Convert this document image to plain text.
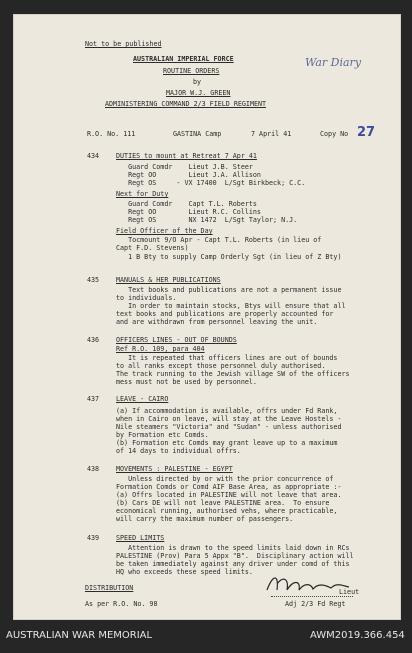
Not to be published
AUSTRALIAN IMPERIAL FORCE
ROUTINE ORDERS
by
MAJOR W.J. GREEN
ADMINISTERING COMMAND 2/3 FIELD REGIMENT
War Diary
R.O. No. 111	GASTINA Camp	7 April 41	Copy No 27
434	DUTIES to mount at Retreat 7 Apr 41
Guard Comdr    Lieut J.B. Steer
Regt OO        Lieut J.A. Allison
Regt OS     - VX 17400  L/Sgt Birkbeck; C.C.
Next for Duty
Guard Comdr    Capt T.L. Roberts
Regt OO        Lieut R.C. Collins
Regt OS        NX 1472  L/Sgt Taylor; N.J.
Field Officer of the Day
Tocmount 9/O Apr - Capt T.L. Roberts (in lieu of
Capt F.D. Stevens)
1 B Bty to supply Camp Orderly Sgt (in lieu of Z Bty)
435	MANUALS & HER PUBLICATIONS
Text books and publications are not a permanent issue
to individuals.
In order to maintain stocks, Btys will ensure that all
text books and publications are properly accounted for
and are withdrawn from personnel leaving the unit.
436	OFFICERS LINES - OUT OF BOUNDS
Ref R.O. 109, para 404
It is repeated that officers lines are out of bounds
to all ranks except those personnel duly authorised.
The track running to the Jewish village SW of the officers
mess must not be used by personnel.
437	LEAVE - CAIRO
(a) If accommodation is available, offrs under Fd Rank,
when in Cairo on leave, will stay at the Leave Hostels -
Nile steamers "Victoria" and "Sudan" - unless authorised
by Formation etc Comds.
(b) Formation etc Comds may grant leave up to a maximum
of 14 days to individual offrs.
438	MOVEMENTS : PALESTINE - EGYPT
Unless directed by or with the prior concurrence of
Formation Comds or Comd AIF Base Area, as appropriate :-
(a) Offrs located in PALESTINE will not leave that area.
(b) Cars DE will not leave PALESTINE area.  To ensure
economical running, authorised vehs, where practicable,
will carry the maximum number of passengers.
439	SPEED LIMITS
Attention is drawn to the speed limits laid down in RCs
PALESTINE (Prov) Para 5 Appx "B".  Disciplinary action will
be taken immediately against any driver under comd of this
HQ who exceeds these speed limits.
DISTRIBUTION
As per R.O. No. 98
Lieut
Adj 2/3 Fd Regt
AUSTRALIAN WAR MEMORIAL	AWM2019.366.454
